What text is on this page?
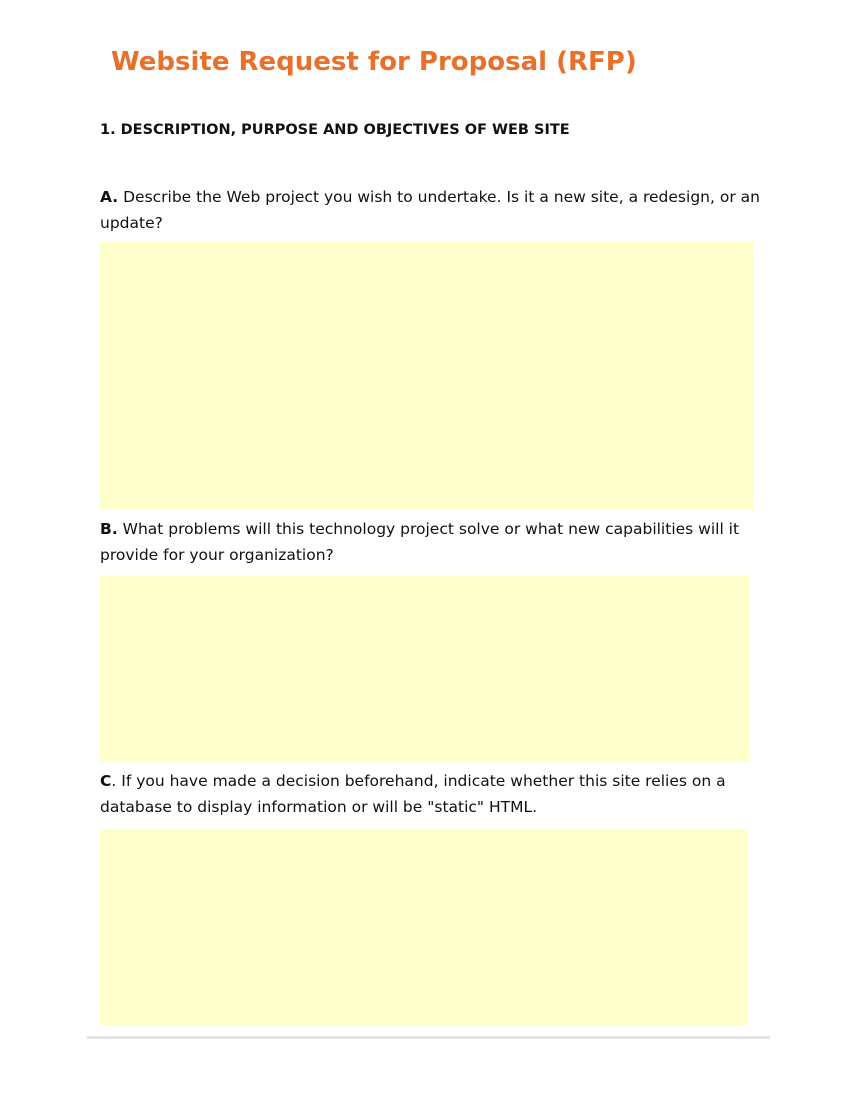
Website Request for Proposal (RFP)
1. DESCRIPTION, PURPOSE AND OBJECTIVES OF WEB SITE

A. Describe the Web project you wish to undertake. Is it a new site, a redesign, or an update?

B. What problems will this technology project solve or what new capabilities will it provide for your organization?

C. If you have made a decision beforehand, indicate whether this site relies on a database to display information or will be "static" HTML.
